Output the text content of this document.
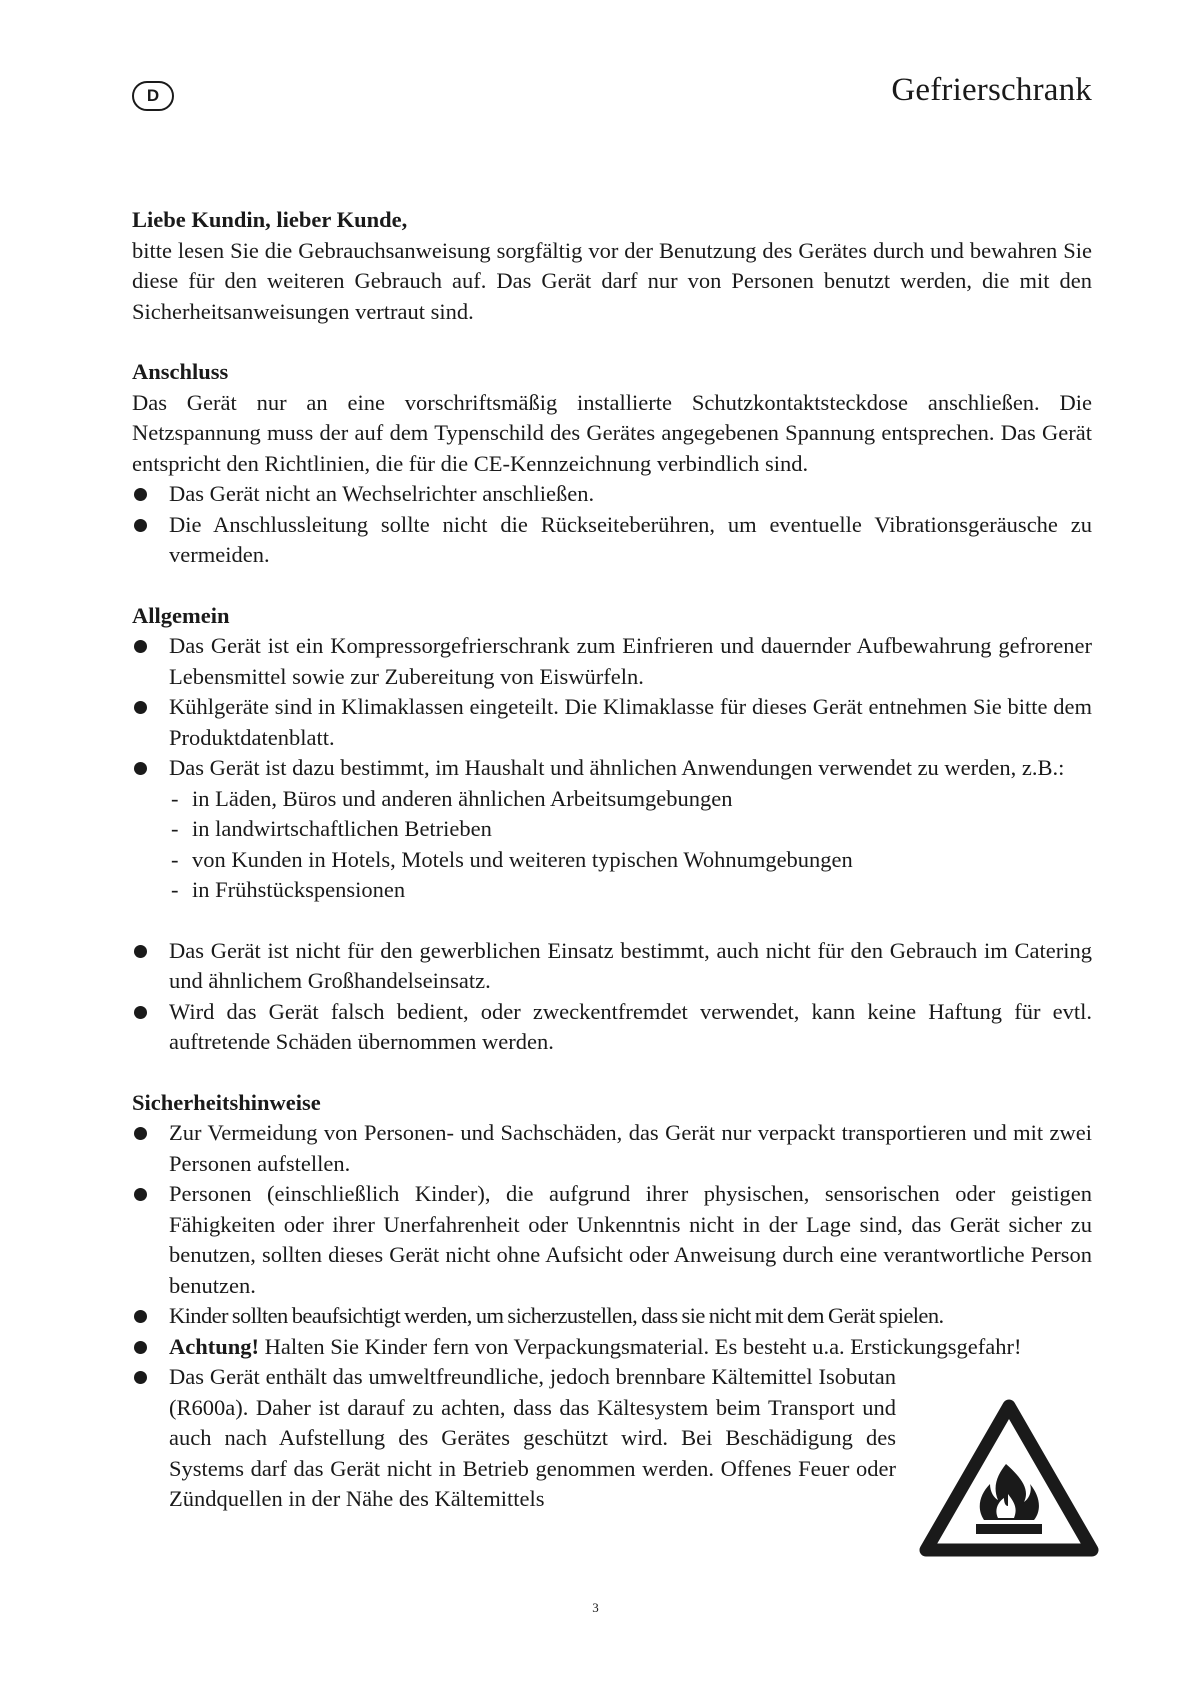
D	Gefrierschrank
Liebe Kundin, lieber Kunde,

bitte lesen Sie die Gebrauchsanweisung sorgfältig vor der Benutzung des Gerätes durch und bewahren Sie diese für den weiteren Gebrauch auf. Das Gerät darf nur von Personen benutzt werden, die mit den Sicherheitsanweisungen vertraut sind.

Anschluss

Das Gerät nur an eine vorschriftsmäßig installierte Schutzkontaktsteckdose anschließen. Die Netzspannung muss der auf dem Typenschild des Gerätes angegebenen Spannung entsprechen. Das Gerät entspricht den Richtlinien, die für die CE-Kennzeichnung verbindlich sind.

Das Gerät nicht an Wechselrichter anschließen.
Die Anschlussleitung sollte nicht die Rückseiteberühren, um eventuelle Vibrationsgeräusche zu vermeiden.
Allgemein
Das Gerät ist ein Kompressorgefrierschrank zum Einfrieren und dauernder Aufbewahrung gefrorener Lebensmittel sowie zur Zubereitung von Eiswürfeln.
Kühlgeräte sind in Klimaklassen eingeteilt. Die Klimaklasse für dieses Gerät entnehmen Sie bitte dem Produktdatenblatt.
Das Gerät ist dazu bestimmt, im Haushalt und ähnlichen Anwendungen verwendet zu werden, z.B.:
- in Läden, Büros und anderen ähnlichen Arbeitsumgebungen
- in landwirtschaftlichen Betrieben
- von Kunden in Hotels, Motels und weiteren typischen Wohnumgebungen
- in Frühstückspensionen
Das Gerät ist nicht für den gewerblichen Einsatz bestimmt, auch nicht für den Gebrauch im Catering und ähnlichem Großhandelseinsatz.
Wird das Gerät falsch bedient, oder zweckentfremdet verwendet, kann keine Haftung für evtl. auftretende Schäden übernommen werden.
Sicherheitshinweise
Zur Vermeidung von Personen- und Sachschäden, das Gerät nur verpackt transportieren und mit zwei Personen aufstellen.
Personen (einschließlich Kinder), die aufgrund ihrer physischen, sensorischen oder geistigen Fähigkeiten oder ihrer Unerfahrenheit oder Unkenntnis nicht in der Lage sind, das Gerät sicher zu benutzen, sollten dieses Gerät nicht ohne Aufsicht oder Anweisung durch eine verantwortliche Person benutzen.
Kinder sollten beaufsichtigt werden, um sicherzustellen, dass sie nicht mit dem Gerät spielen.
Achtung! Halten Sie Kinder fern von Verpackungsmaterial. Es besteht u.a. Erstickungsgefahr!
Das Gerät enthält das umweltfreundliche, jedoch brennbare Kältemittel Isobutan (R600a). Daher ist darauf zu achten, dass das Kältesystem beim Transport und auch nach Aufstellung des Gerätes geschützt wird. Bei Beschädigung des Systems darf das Gerät nicht in Betrieb genommen werden. Offenes Feuer oder Zündquellen in der Nähe des Kältemittels
3
